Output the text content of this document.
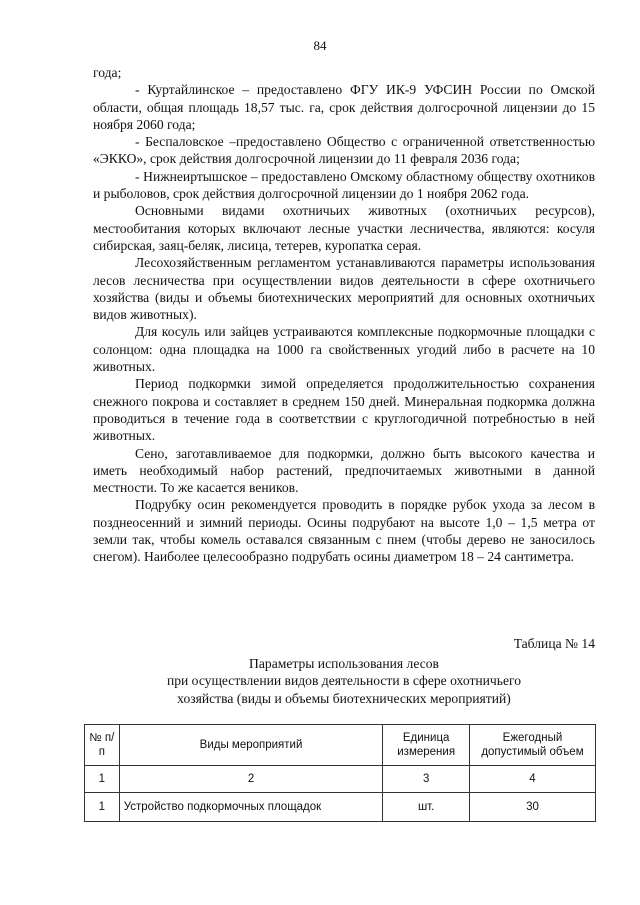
84

года;

- Куртайлинское – предоставлено ФГУ ИК-9 УФСИН России по Омской области, общая площадь 18,57 тыс. га, срок действия долгосрочной лицензии до 15 ноября 2060 года;

- Беспаловское –предоставлено Общество с ограниченной ответственностью «ЭККО», срок действия долгосрочной лицензии до 11 февраля 2036 года;

- Нижнеиртышское – предоставлено Омскому областному обществу охотников и рыболовов, срок действия долгосрочной лицензии до 1 ноября 2062 года.

Основными видами охотничьих животных (охотничьих ресурсов), местообитания которых включают лесные участки лесничества, являются: косуля сибирская, заяц-беляк, лисица, тетерев, куропатка серая.

Лесохозяйственным регламентом устанавливаются параметры использования лесов лесничества при осуществлении видов деятельности в сфере охотничьего хозяйства (виды и объемы биотехнических мероприятий для основных охотничьих видов животных).

Для косуль или зайцев устраиваются комплексные подкормочные площадки с солонцом: одна площадка на 1000 га свойственных угодий либо в расчете на 10 животных.

Период подкормки зимой определяется продолжительностью сохранения снежного покрова и составляет в среднем 150 дней. Минеральная подкормка должна проводиться в течение года в соответствии с круглогодичной потребностью в ней животных.

Сено, заготавливаемое для подкормки, должно быть высокого качества и иметь необходимый набор растений, предпочитаемых животными в данной местности. То же касается веников.

Подрубку осин рекомендуется проводить в порядке рубок ухода за лесом в позднеосенний и зимний периоды. Осины подрубают на высоте 1,0 – 1,5 метра от земли так, чтобы комель оставался связанным с пнем (чтобы дерево не заносилось снегом). Наиболее целесообразно подрубать осины диаметром 18 – 24 сантиметра.

Таблица № 14
Параметры использования лесов
при осуществлении видов деятельности в сфере охотничьего
хозяйства (виды и объемы биотехнических мероприятий)
№ п/п	Виды мероприятий	Единица измерения	Ежегодный допустимый объем
1	2	3	4
1	Устройство подкормочных площадок	шт.	30
